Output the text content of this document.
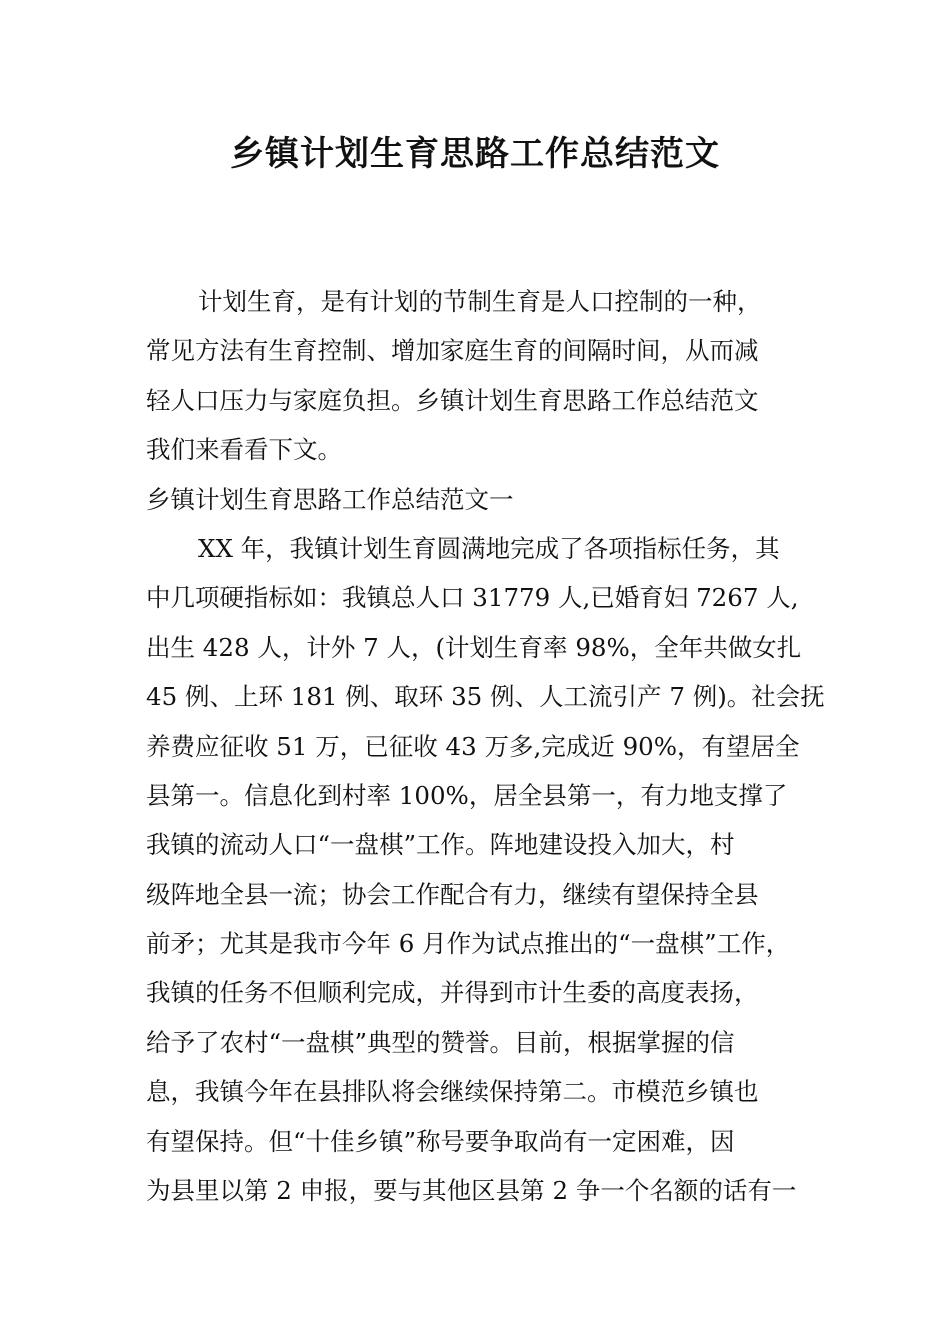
乡镇计划生育思路工作总结范文
计划生育，是有计划的节制生育是人口控制的一种，
常见方法有生育控制、增加家庭生育的间隔时间，从而减
轻人口压力与家庭负担。乡镇计划生育思路工作总结范文
我们来看看下文。
乡镇计划生育思路工作总结范文一
XX 年，我镇计划生育圆满地完成了各项指标任务，其
中几项硬指标如：我镇总人口 31779 人,已婚育妇 7267 人,
出生 428 人，计外 7 人，(计划生育率 98%，全年共做女扎
45 例、上环 181 例、取环 35 例、人工流引产 7 例)。社会抚
养费应征收 51 万，已征收 43 万多,完成近 90%，有望居全
县第一。信息化到村率 100%，居全县第一，有力地支撑了
我镇的流动人口“一盘棋”工作。阵地建设投入加大，村
级阵地全县一流；协会工作配合有力，继续有望保持全县
前矛；尤其是我市今年 6 月作为试点推出的“一盘棋”工作，
我镇的任务不但顺利完成，并得到市计生委的高度表扬，
给予了农村“一盘棋”典型的赞誉。目前，根据掌握的信
息，我镇今年在县排队将会继续保持第二。市模范乡镇也
有望保持。但“十佳乡镇”称号要争取尚有一定困难，因
为县里以第 2 申报，要与其他区县第 2 争一个名额的话有一
